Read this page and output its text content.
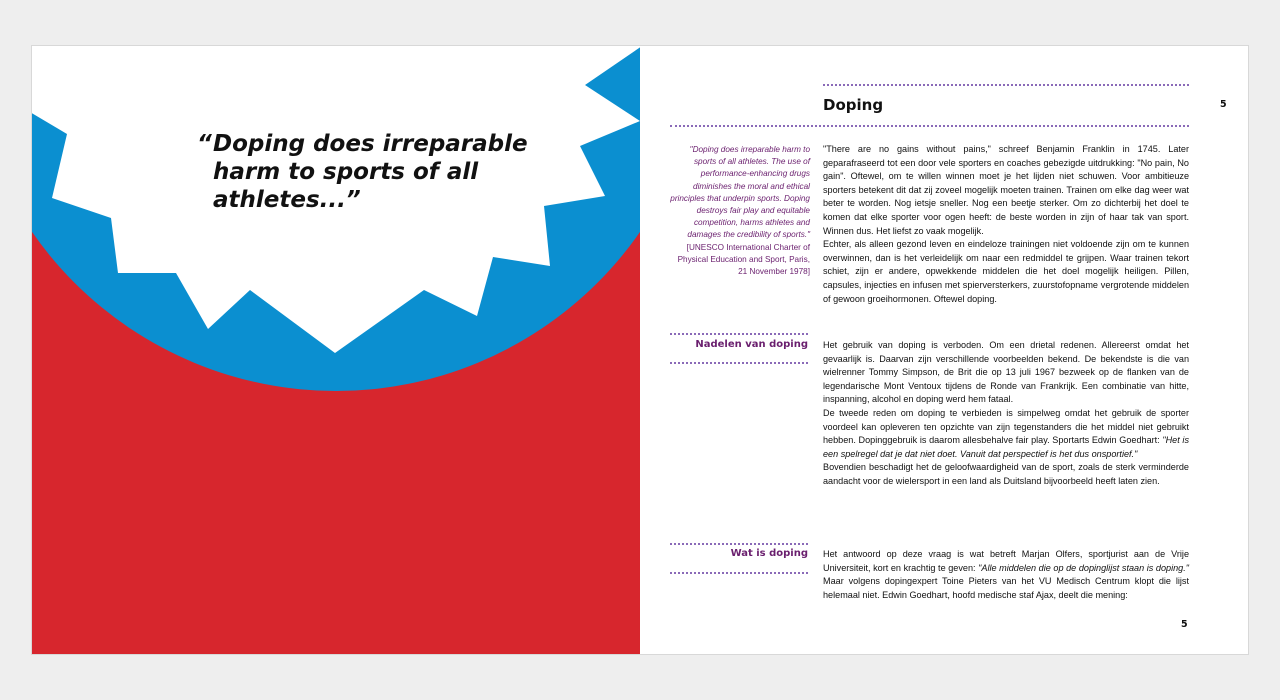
“ Doping does irreparable harm to sports of all athletes...”

Doping	5

"Doping does irreparable harm to sports of all athletes. The use of performance-enhancing drugs diminishes the moral and ethical principles that underpin sports. Doping destroys fair play and equitable competition, harms athletes and damages the credibility of sports."
[UNESCO International Charter of Physical Education and Sport, Paris, 21 November 1978]

"There are no gains without pains," schreef Benjamin Franklin in 1745. Later geparafraseerd tot een door vele sporters en coaches gebezigde uitdrukking: "No pain, No gain". Oftewel, om te willen winnen moet je het lijden niet schuwen. Voor ambitieuze sporters betekent dit dat zij zoveel mogelijk moeten trainen. Trainen om elke dag weer wat beter te worden. Nog ietsje sneller. Nog een beetje sterker. Om zo dichterbij het doel te komen dat elke sporter voor ogen heeft: de beste worden in zijn of haar tak van sport. Winnen dus. Het liefst zo vaak mogelijk.

Echter, als alleen gezond leven en eindeloze trainingen niet voldoende zijn om te kunnen overwinnen, dan is het verleidelijk om naar een redmiddel te grijpen. Waar trainen tekort schiet, zijn er andere, opwekkende middelen die het doel mogelijk heiligen. Pillen, capsules, injecties en infusen met spierversterkers, zuurstofopname vergrotende middelen of gewoon groeihormonen. Oftewel doping.

Nadelen van doping Het gebruik van doping is verboden. Om een drietal redenen. Allereerst omdat het gevaarlijk is. Daarvan zijn verschillende voorbeelden bekend. De bekendste is die van wielrenner Tommy Simpson, de Brit die op 13 juli 1967 bezweek op de flanken van de legendarische Mont Ventoux tijdens de Ronde van Frankrijk. Een combinatie van hitte, inspanning, alcohol en doping werd hem fataal.

De tweede reden om doping te verbieden is simpelweg omdat het gebruik de sporter voordeel kan opleveren ten opzichte van zijn tegenstanders die het middel niet gebruikt hebben. Dopinggebruik is daarom allesbehalve fair play. Sportarts Edwin Goedhart: "Het is een spelregel dat je dat niet doet. Vanuit dat perspectief is het dus onsportief."

Bovendien beschadigt het de geloofwaardigheid van de sport, zoals de sterk verminderde aandacht voor de wielersport in een land als Duitsland bijvoorbeeld heeft laten zien.

Wat is doping Het antwoord op deze vraag is wat betreft Marjan Olfers, sportjurist aan de Vrije Universiteit, kort en krachtig te geven: "Alle middelen die op de dopinglijst staan is doping." Maar volgens dopingexpert Toine Pieters van het VU Medisch Centrum klopt die lijst helemaal niet. Edwin Goedhart, hoofd medische staf Ajax, deelt die mening:

5
